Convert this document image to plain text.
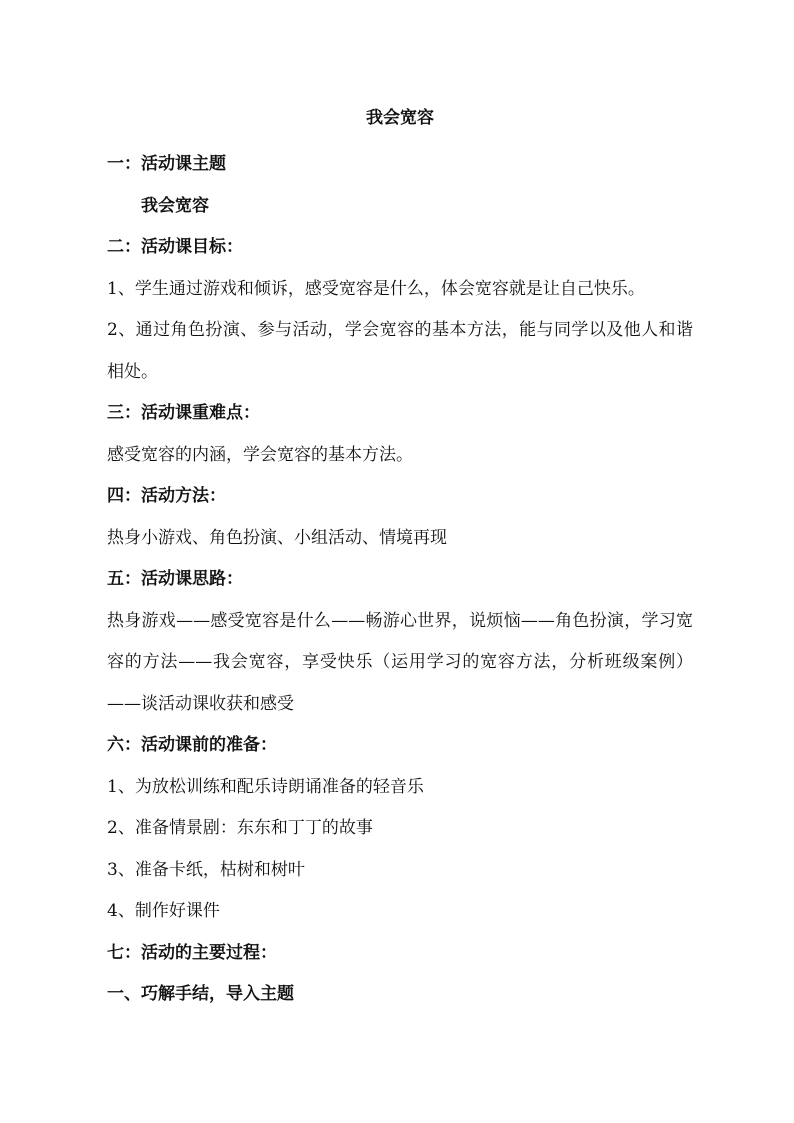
我会宽容

一：活动课主题

我会宽容

二：活动课目标：

1、学生通过游戏和倾诉，感受宽容是什么，体会宽容就是让自己快乐。

2、通过角色扮演、参与活动，学会宽容的基本方法，能与同学以及他人和谐相处。

三：活动课重难点：

感受宽容的内涵，学会宽容的基本方法。

四：活动方法：

热身小游戏、角色扮演、小组活动、情境再现

五：活动课思路：

热身游戏——感受宽容是什么——畅游心世界，说烦恼——角色扮演，学习宽容的方法——我会宽容，享受快乐（运用学习的宽容方法，分析班级案例）——谈活动课收获和感受

六：活动课前的准备：

1、为放松训练和配乐诗朗诵准备的轻音乐

2、准备情景剧：东东和丁丁的故事

3、准备卡纸，枯树和树叶

4、制作好课件

七：活动的主要过程：

一、巧解手结，导入主题
